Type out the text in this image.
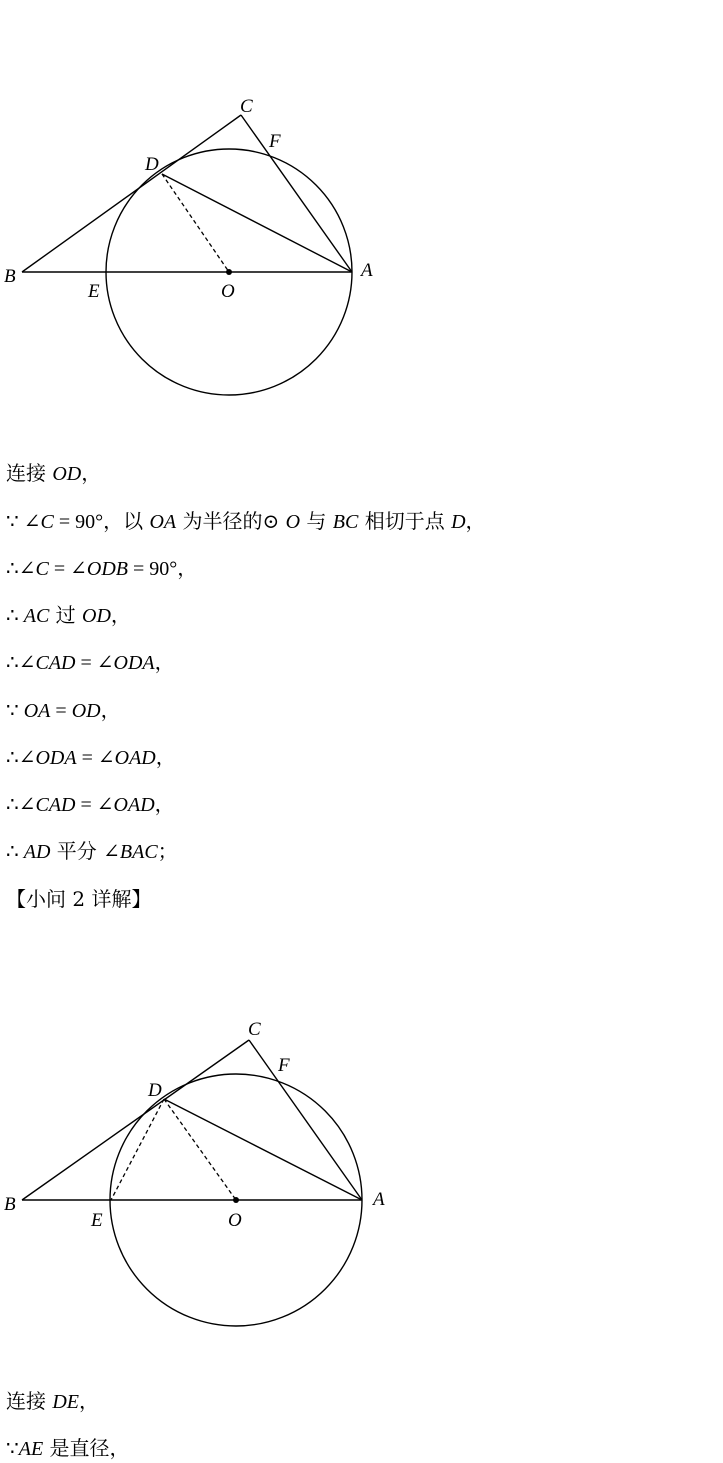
C
F
D
B	A
E	O
连接 OD，
∵ ∠C = 90°，以 OA 为半径的⊙ O 与 BC 相切于点 D，
∴∠C = ∠ODB = 90°，
∴ AC 过 OD，
∴∠CAD = ∠ODA，
∵ OA = OD，
∴∠ODA = ∠OAD，
∴∠CAD = ∠OAD，
∴ AD 平分 ∠BAC；
【小问 2 详解】
C
F
D
B	A
E	O
连接 DE，
∵AE 是直径，
